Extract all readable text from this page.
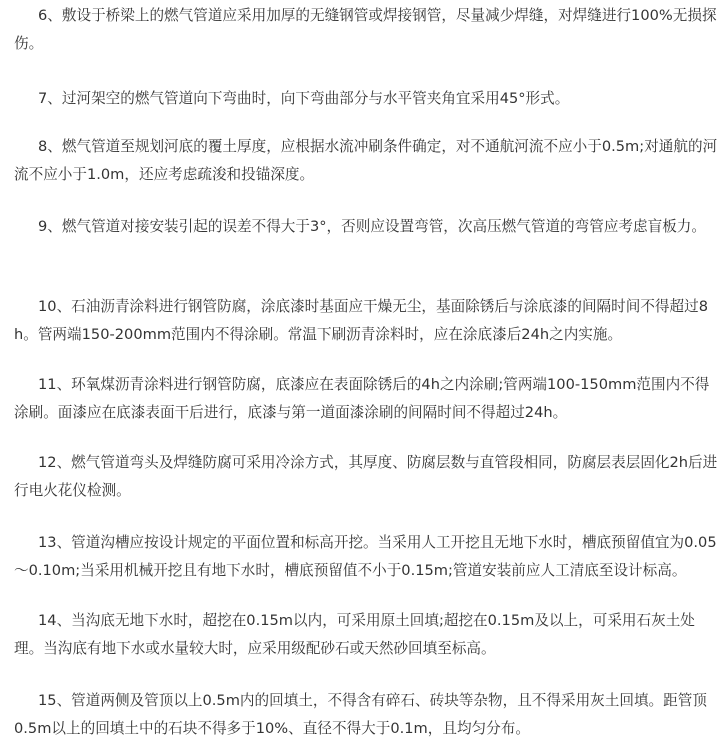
6、敷设于桥梁上的燃气管道应采用加厚的无缝钢管或焊接钢管，尽量减少焊缝，对焊缝进行100%无损探伤。

7、过河架空的燃气管道向下弯曲时，向下弯曲部分与水平管夹角宜采用45°形式。

8、燃气管道至规划河底的覆土厚度，应根据水流冲刷条件确定，对不通航河流不应小于0.5m;对通航的河流不应小于1.0m，还应考虑疏浚和投锚深度。

9、燃气管道对接安装引起的误差不得大于3°，否则应设置弯管，次高压燃气管道的弯管应考虑盲板力。

10、石油沥青涂料进行钢管防腐，涂底漆时基面应干燥无尘，基面除锈后与涂底漆的间隔时间不得超过8h。管两端150-200mm范围内不得涂刷。常温下刷沥青涂料时，应在涂底漆后24h之内实施。

11、环氧煤沥青涂料进行钢管防腐，底漆应在表面除锈后的4h之内涂刷;管两端100-150mm范围内不得涂刷。面漆应在底漆表面干后进行，底漆与第一道面漆涂刷的间隔时间不得超过24h。

12、燃气管道弯头及焊缝防腐可采用冷涂方式，其厚度、防腐层数与直管段相同，防腐层表层固化2h后进行电火花仪检测。

13、管道沟槽应按设计规定的平面位置和标高开挖。当采用人工开挖且无地下水时，槽底预留值宜为0.05～0.10m;当采用机械开挖且有地下水时，槽底预留值不小于0.15m;管道安装前应人工清底至设计标高。

14、当沟底无地下水时，超挖在0.15m以内，可采用原土回填;超挖在0.15m及以上，可采用石灰土处理。当沟底有地下水或水量较大时，应采用级配砂石或天然砂回填至标高。

15、管道两侧及管顶以上0.5m内的回填土，不得含有碎石、砖块等杂物，且不得采用灰土回填。距管顶0.5m以上的回填土中的石块不得多于10%、直径不得大于0.1m，且均匀分布。
